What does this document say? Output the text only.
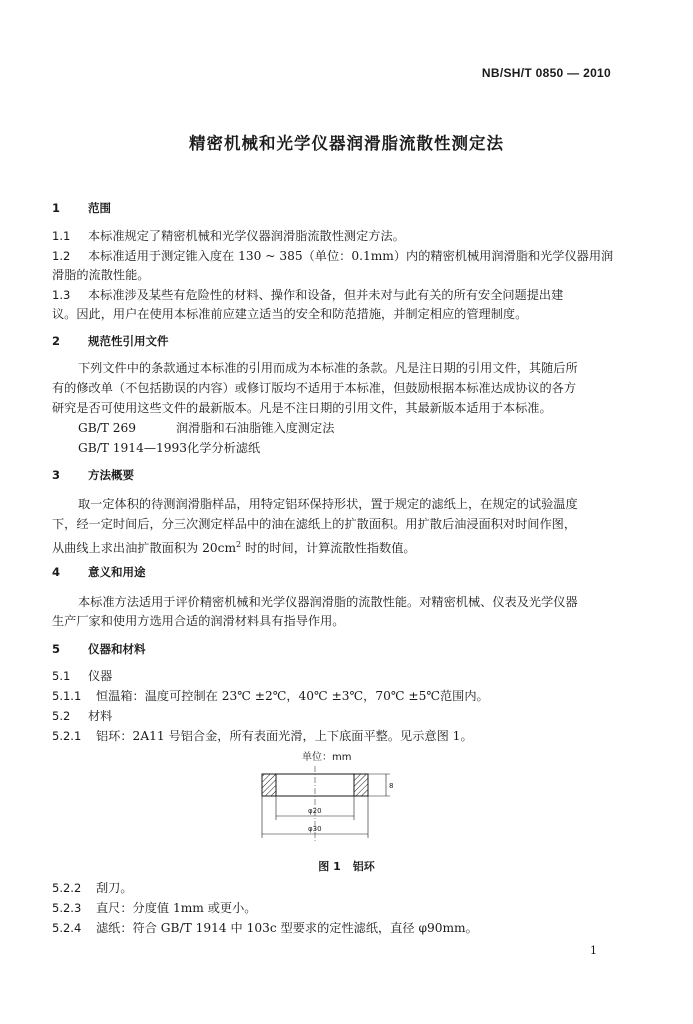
NB/SH/T 0850 — 2010
精密机械和光学仪器润滑脂流散性测定法
1 范围
1.1 本标准规定了精密机械和光学仪器润滑脂流散性测定方法。
1.2 本标准适用于测定锥入度在 130 ~ 385（单位：0.1mm）内的精密机械用润滑脂和光学仪器用润
滑脂的流散性能。
1.3 本标准涉及某些有危险性的材料、操作和设备，但并未对与此有关的所有安全问题提出建
议。因此，用户在使用本标准前应建立适当的安全和防范措施，并制定相应的管理制度。
2 规范性引用文件
下列文件中的条款通过本标准的引用而成为本标准的条款。凡是注日期的引用文件，其随后所
有的修改单（不包括勘误的内容）或修订版均不适用于本标准，但鼓励根据本标准达成协议的各方
研究是否可使用这些文件的最新版本。凡是不注日期的引用文件，其最新版本适用于本标准。
GB/T 269	润滑脂和石油脂锥入度测定法
GB/T 1914—1993化学分析滤纸
3 方法概要
取一定体积的待测润滑脂样品，用特定铝环保持形状，置于规定的滤纸上，在规定的试验温度
下，经一定时间后，分三次测定样品中的油在滤纸上的扩散面积。用扩散后油浸面积对时间作图，
从曲线上求出油扩散面积为 $20cm^2$ 时的时间，计算流散性指数值。
4 意义和用途
本标准方法适用于评价精密机械和光学仪器润滑脂的流散性能。对精密机械、仪表及光学仪器
生产厂家和使用方选用合适的润滑材料具有指导作用。
5 仪器和材料
5.1 仪器
5.1.1 恒温箱：温度可控制在 23℃ ±2℃，40℃ ±3℃，70℃ ±5℃范围内。
5.2 材料
5.2.1 铝环：2A11 号铝合金，所有表面光滑，上下底面平整。见示意图 1。
单位：mm
φ20
φ30
8
图 1 铝环
5.2.2 刮刀。
5.2.3 直尺：分度值 1mm 或更小。
5.2.4 滤纸：符合 GB/T 1914 中 103c 型要求的定性滤纸，直径 φ90mm。
1
